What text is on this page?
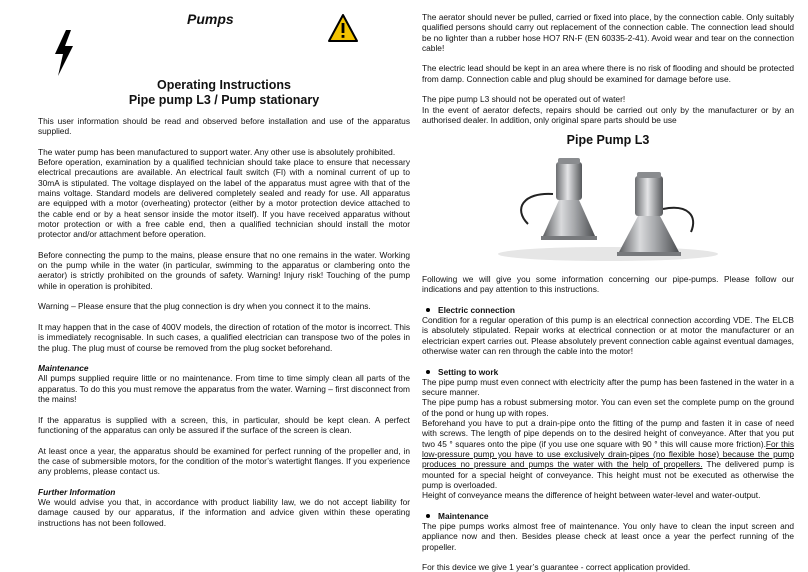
Pumps
Operating Instructions
Pipe pump L3 / Pump stationary

This user information should be read and observed before installation and use of the apparatus supplied.

The water pump has been manufactured to support water. Any other use is absolutely prohibited.

Before operation, examination by a qualified technician should take place to ensure that necessary electrical precautions are available. An electrical fault switch (FI) with a nominal current of up to 30mA is stipulated. The voltage displayed on the label of the apparatus must agree with that of the mains voltage. Standard models are delivered completely sealed and ready for use. All apparatus are equipped with a motor (overheating) protector (either by a motor protection device attached to the cable end or by a heat sensor inside the motor itself). If you have received apparatus without motor protection or with a free cable end, then a qualified technician should install the motor protector and/or attachment before operation.

Before connecting the pump to the mains, please ensure that no one remains in the water. Working on the pump while in the water (in particular, swimming to the apparatus or clambering onto the aerator) is strictly prohibited on the grounds of safety. Warning! Injury risk! Touching of the pump while in operation is prohibited.

Warning – Please ensure that the plug connection is dry when you connect it to the mains.

It may happen that in the case of 400V models, the direction of rotation of the motor is incorrect. This is immediately recognisable. In such cases, a qualified electrician can transpose two of the poles in the plug. The plug must of course be removed from the plug socket beforehand.

Maintenance

All pumps supplied require little or no maintenance. From time to time simply clean all parts of the apparatus. To do this you must remove the apparatus from the water. Warning – first disconnect from the mains!

If the apparatus is supplied with a screen, this, in particular, should be kept clean. A perfect functioning of the apparatus can only be assured if the surface of the screen is clean.

At least once a year, the apparatus should be examined for perfect running of the propeller and, in the case of submersible motors, for the condition of the motor’s watertight flanges. If you experience any problems, please contact us.

Further Information

We would advise you that, in accordance with product liability law, we do not accept liability for damage caused by our apparatus, if the information and advice given within these operating instructions has not been followed.

The aerator should never be pulled, carried or fixed into place, by the connection cable. Only suitably qualified persons should carry out replacement of the connection cable. The connection lead should be no lighter than a rubber hose HO7 RN-F (EN 60335-2-41). Avoid wear and tear on the connection cable!

The electric lead should be kept in an area where there is no risk of flooding and should be protected from damp. Connection cable and plug should be examined for damage before use.

The pipe pump L3 should not be operated out of water!

In the event of aerator defects, repairs should be carried out only by the manufacturer or by an authorised dealer. In addition, only original spare parts should be use

Pipe Pump L3

Following we will give you some information concerning our pipe-pumps. Please follow our indications and pay attention to this instructions.

Electric connection

Condition for a regular operation of this pump is an electrical connection according VDE. The ELCB is absolutely stipulated. Repair works at electrical connection or at motor the manufacturer or an electrician expert carries out. Please absolutely prevent connection cable against eventual damages, otherwise water can ren through the cable into the motor!

Setting to work

The pipe pump must even connect with electricity after the pump has been fastened in the water in a secure manner.

The pipe pump has a robust submersing motor. You can even set the complete pump on the ground of the pond or hung up with ropes.

Beforehand you have to put a drain-pipe onto the fitting of the pump and fasten it in case of need with screws. The length of pipe depends on to the desired height of conveyance. After that you put two 45 ° squares onto the pipe (if you use one square with 90 ° this will cause more friction).For this low-pressure pump you have to use exclusively drain-pipes (no flexible hose) because the pump produces no pressure and pumps the water with the help of propellers. The delivered pump is mounted for a special height of conveyance. This height must not be executed as otherwise the pump is overloaded.

Height of conveyance means the difference of height between water-level and water-output.

Maintenance

The pipe pumps works almost free of maintenance. You only have to clean the input screen and appliance now and then. Besides please check at least once a year the perfect running of the propeller.

For this device we give 1 year’s guarantee - correct application provided.
